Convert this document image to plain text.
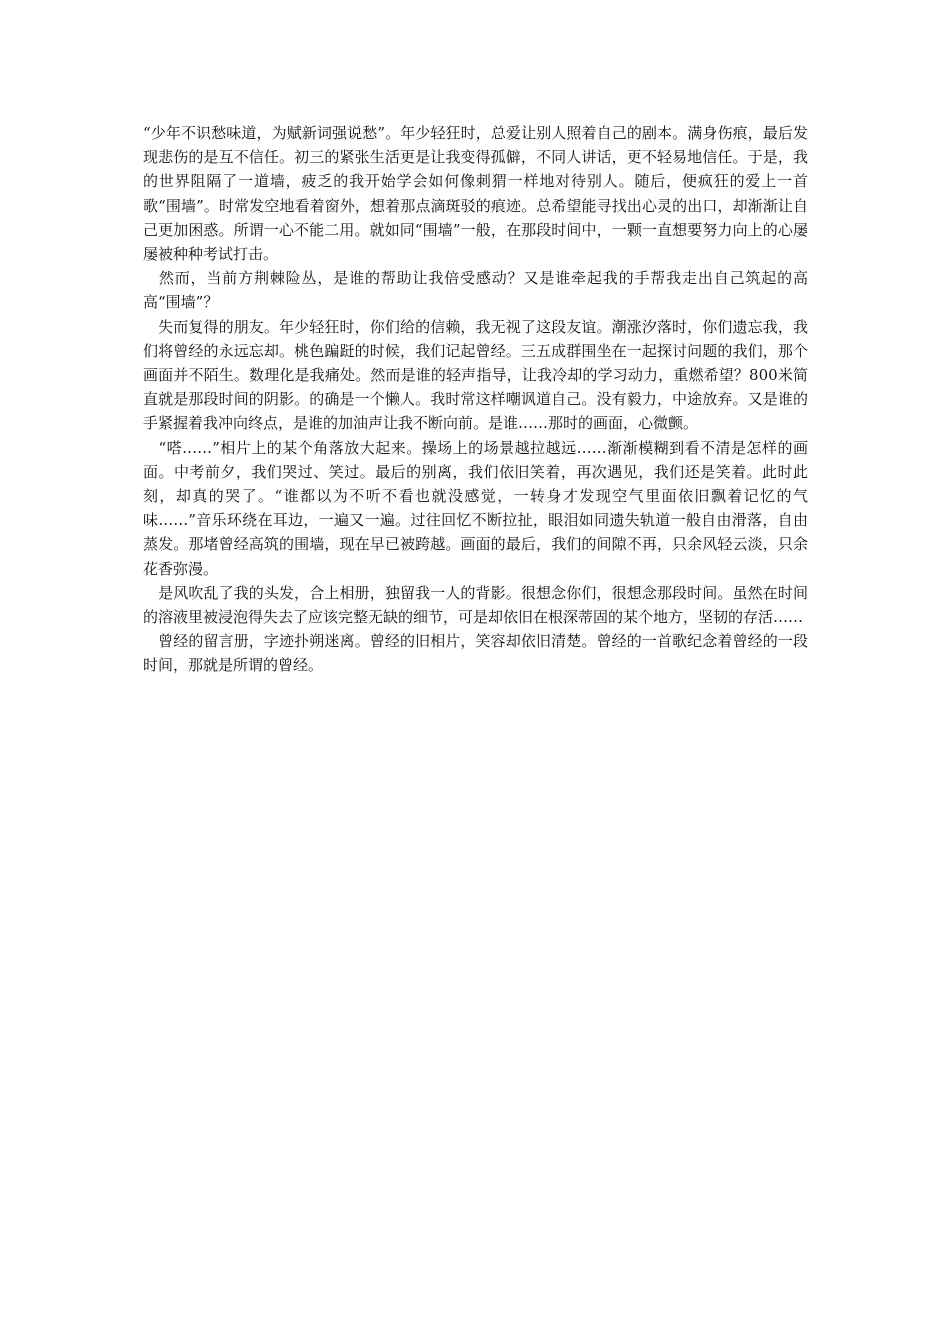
“少年不识愁味道，为赋新词强说愁”。年少轻狂时，总爱让别人照着自己的剧本。满身伤痕，最后发现悲伤的是互不信任。初三的紧张生活更是让我变得孤僻，不同人讲话，更不轻易地信任。于是，我的世界阻隔了一道墙，疲乏的我开始学会如何像刺猬一样地对待别人。随后，便疯狂的爱上一首歌“围墙”。时常发空地看着窗外，想着那点滴斑驳的痕迹。总希望能寻找出心灵的出口，却渐渐让自己更加困惑。所谓一心不能二用。就如同“围墙”一般，在那段时间中，一颗一直想要努力向上的心屡屡被种种考试打击。

　然而，当前方荆棘险丛，是谁的帮助让我倍受感动？又是谁牵起我的手帮我走出自己筑起的高高“围墙”？

　失而复得的朋友。年少轻狂时，你们给的信赖，我无视了这段友谊。潮涨汐落时，你们遗忘我，我们将曾经的永远忘却。桃色蹁跹的时候，我们记起曾经。三五成群围坐在一起探讨问题的我们，那个画面并不陌生。数理化是我痛处。然而是谁的轻声指导，让我冷却的学习动力，重燃希望？800米简直就是那段时间的阴影。的确是一个懒人。我时常这样嘲讽道自己。没有毅力，中途放弃。又是谁的手紧握着我冲向终点，是谁的加油声让我不断向前。是谁……那时的画面，心微颤。

　“嗒……”相片上的某个角落放大起来。操场上的场景越拉越远……渐渐模糊到看不清是怎样的画面。中考前夕，我们哭过、笑过。最后的别离，我们依旧笑着，再次遇见，我们还是笑着。此时此刻，却真的哭了。“谁都以为不听不看也就没感觉，一转身才发现空气里面依旧飘着记忆的气味……”音乐环绕在耳边，一遍又一遍。过往回忆不断拉扯，眼泪如同遗失轨道一般自由滑落，自由蒸发。那堵曾经高筑的围墙，现在早已被跨越。画面的最后，我们的间隙不再，只余风轻云淡，只余花香弥漫。

　是风吹乱了我的头发，合上相册，独留我一人的背影。很想念你们，很想念那段时间。虽然在时间的溶液里被浸泡得失去了应该完整无缺的细节，可是却依旧在根深蒂固的某个地方，坚韧的存活……

　曾经的留言册，字迹扑朔迷离。曾经的旧相片，笑容却依旧清楚。曾经的一首歌纪念着曾经的一段时间，那就是所谓的曾经。
